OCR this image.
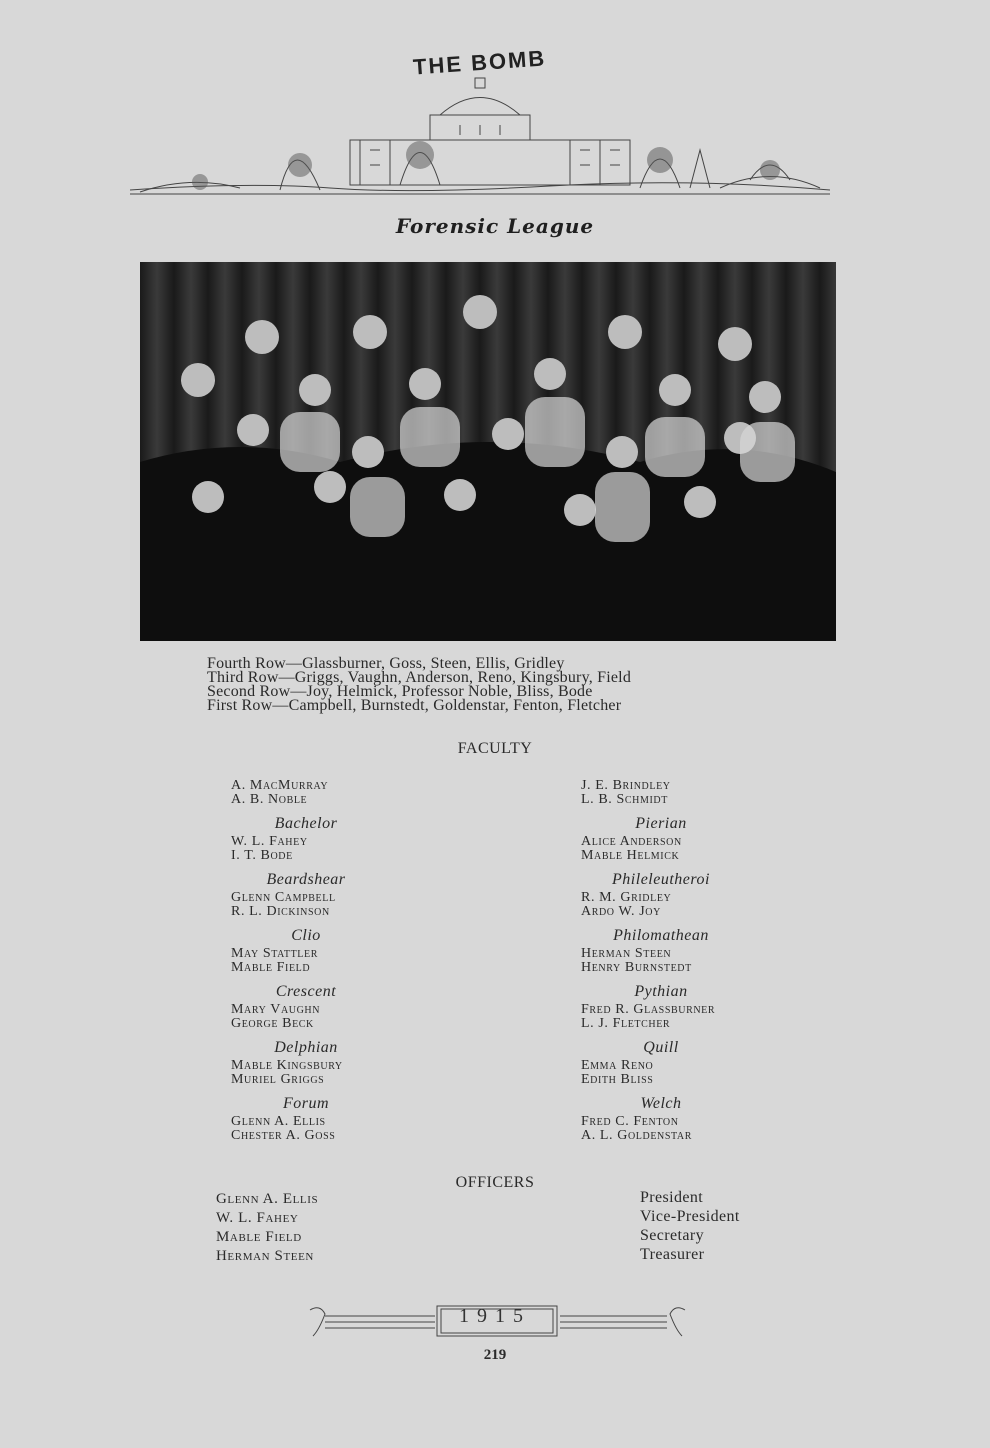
THE BOMB
Forensic League
Fourth Row—Glassburner, Goss, Steen, Ellis, Gridley
Third Row—Griggs, Vaughn, Anderson, Reno, Kingsbury, Field
Second Row—Joy, Helmick, Professor Noble, Bliss, Bode
First Row—Campbell, Burnstedt, Goldenstar, Fenton, Fletcher
FACULTY
A. MacMurray
A. B. Noble
Bachelor
W. L. Fahey
I. T. Bode
Beardshear
Glenn Campbell
R. L. Dickinson
Clio
May Stattler
Mable Field
Crescent
Mary Vaughn
George Beck
Delphian
Mable Kingsbury
Muriel Griggs
Forum
Glenn A. Ellis
Chester A. Goss
J. E. Brindley
L. B. Schmidt
Pierian
Alice Anderson
Mable Helmick
Phileleutheroi
R. M. Gridley
Ardo W. Joy
Philomathean
Herman Steen
Henry Burnstedt
Pythian
Fred R. Glassburner
L. J. Fletcher
Quill
Emma Reno
Edith Bliss
Welch
Fred C. Fenton
A. L. Goldenstar
OFFICERS
Glenn A. Ellis
W. L. Fahey
Mable Field
Herman Steen
President
Vice-President
Secretary
Treasurer
1915
219
